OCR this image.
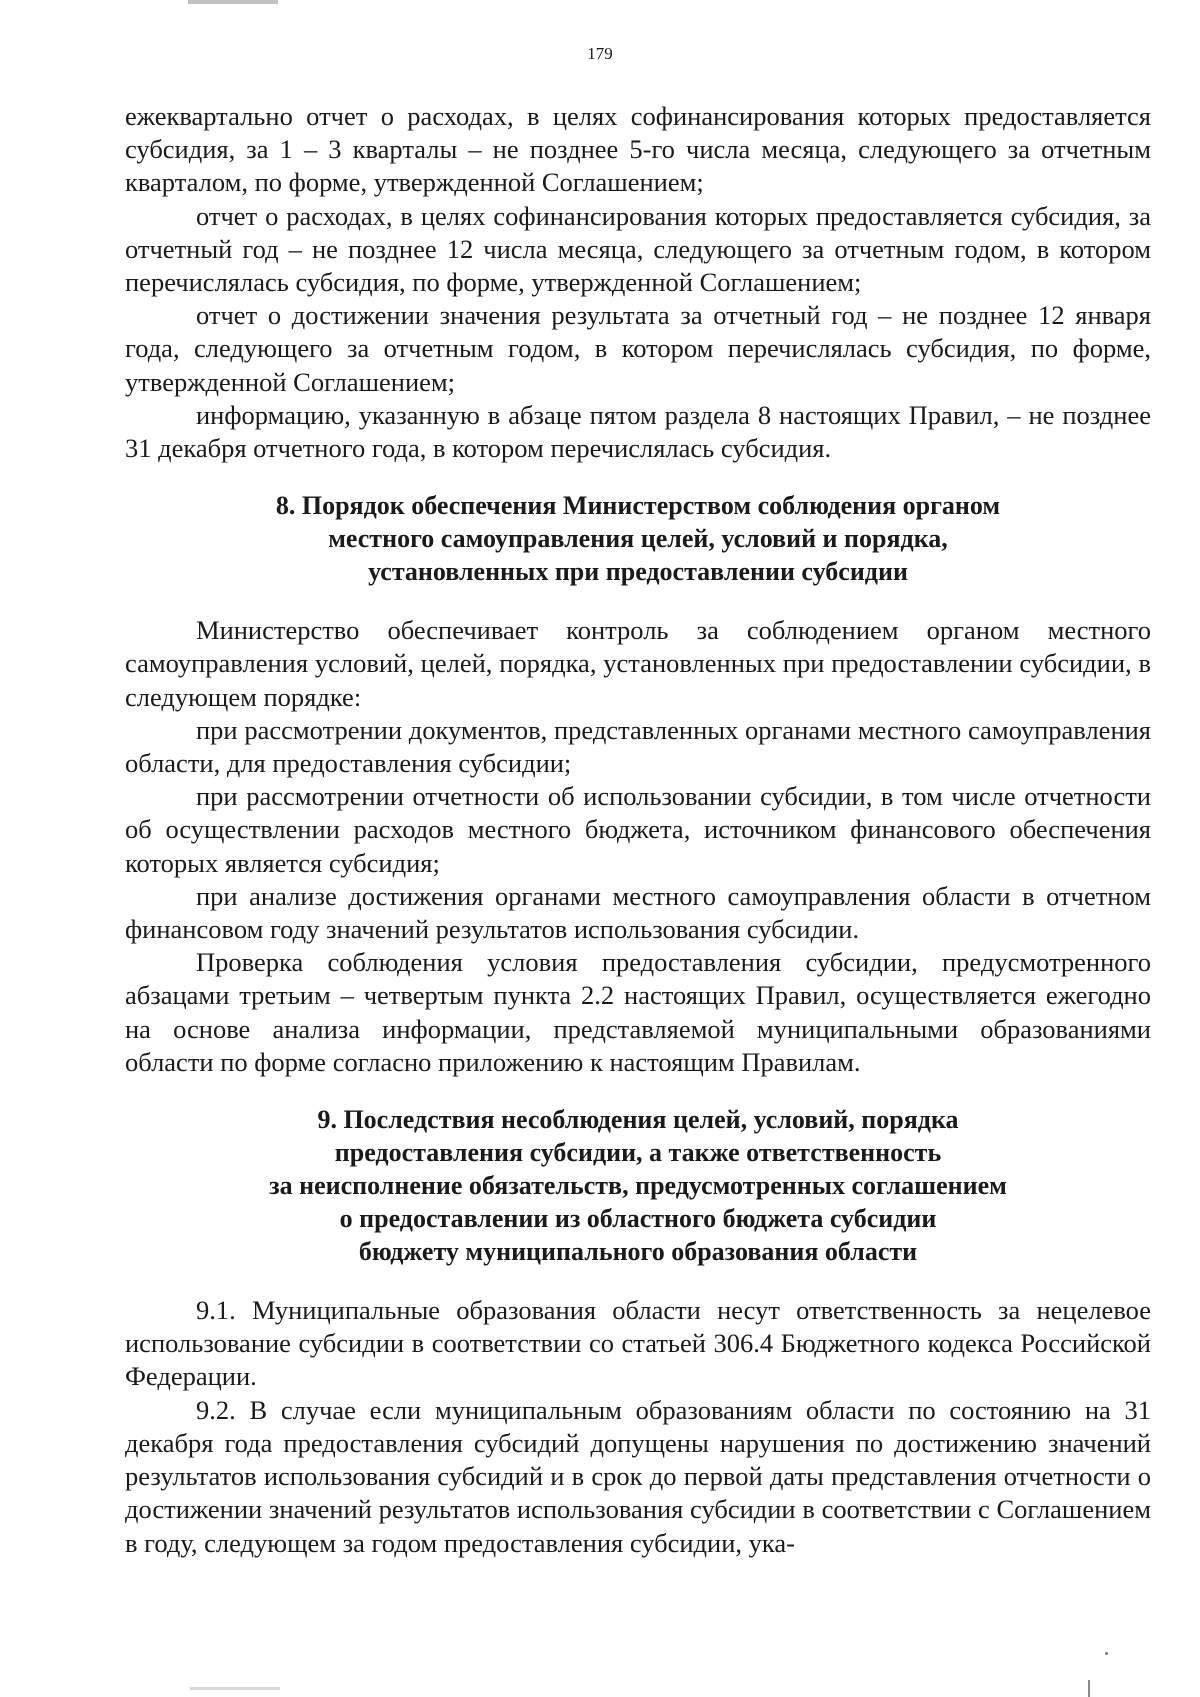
179

ежеквартально отчет о расходах, в целях софинансирования которых предоставляется субсидия, за 1 – 3 кварталы – не позднее 5-го числа месяца, следующего за отчетным кварталом, по форме, утвержденной Соглашением;

отчет о расходах, в целях софинансирования которых предоставляется субсидия, за отчетный год – не позднее 12 числа месяца, следующего за отчетным годом, в котором перечислялась субсидия, по форме, утвержденной Соглашением;

отчет о достижении значения результата за отчетный год – не позднее 12 января года, следующего за отчетным годом, в котором перечислялась субсидия, по форме, утвержденной Соглашением;

информацию, указанную в абзаце пятом раздела 8 настоящих Правил, – не позднее 31 декабря отчетного года, в котором перечислялась субсидия.

8. Порядок обеспечения Министерством соблюдения органом
местного самоуправления целей, условий и порядка,
установленных при предоставлении субсидии

Министерство обеспечивает контроль за соблюдением органом местного самоуправления условий, целей, порядка, установленных при предоставлении субсидии, в следующем порядке:

при рассмотрении документов, представленных органами местного самоуправления области, для предоставления субсидии;

при рассмотрении отчетности об использовании субсидии, в том числе отчетности об осуществлении расходов местного бюджета, источником финансового обеспечения которых является субсидия;

при анализе достижения органами местного самоуправления области в отчетном финансовом году значений результатов использования субсидии.

Проверка соблюдения условия предоставления субсидии, предусмотренного абзацами третьим – четвертым пункта 2.2 настоящих Правил, осуществляется ежегодно на основе анализа информации, представляемой муниципальными образованиями области по форме согласно приложению к настоящим Правилам.

9. Последствия несоблюдения целей, условий, порядка
предоставления субсидии, а также ответственность
за неисполнение обязательств, предусмотренных соглашением
о предоставлении из областного бюджета субсидии
бюджету муниципального образования области

9.1. Муниципальные образования области несут ответственность за нецелевое использование субсидии в соответствии со статьей 306.4 Бюджетного кодекса Российской Федерации.

9.2. В случае если муниципальным образованиям области по состоянию на 31 декабря года предоставления субсидий допущены нарушения по достижению значений результатов использования субсидий и в срок до первой даты представления отчетности о достижении значений результатов использования субсидии в соответствии с Соглашением в году, следующем за годом предоставления субсидии, ука-
